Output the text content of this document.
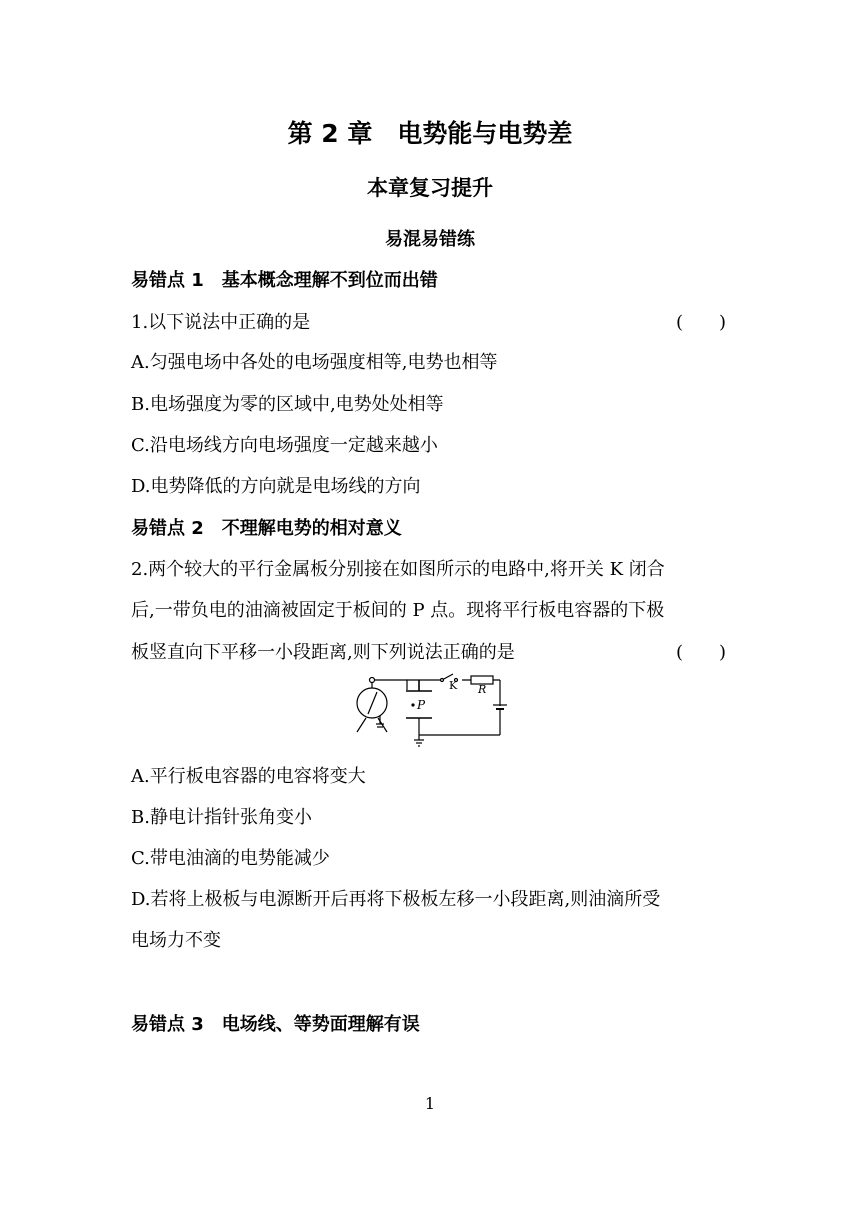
第 2 章　电势能与电势差
本章复习提升
易混易错练
易错点 1　基本概念理解不到位而出错
1.以下说法中正确的是	(　　)
A.匀强电场中各处的电场强度相等,电势也相等
B.电场强度为零的区域中,电势处处相等
C.沿电场线方向电场强度一定越来越小
D.电势降低的方向就是电场线的方向
易错点 2　不理解电势的相对意义
2.两个较大的平行金属板分别接在如图所示的电路中,将开关 K 闭合
后,一带负电的油滴被固定于板间的 P 点。现将平行板电容器的下极
板竖直向下平移一小段距离,则下列说法正确的是	(　　)
K R
P
A.平行板电容器的电容将变大
B.静电计指针张角变小
C.带电油滴的电势能减少
D.若将上极板与电源断开后再将下极板左移一小段距离,则油滴所受
电场力不变
易错点 3　电场线、等势面理解有误
1
